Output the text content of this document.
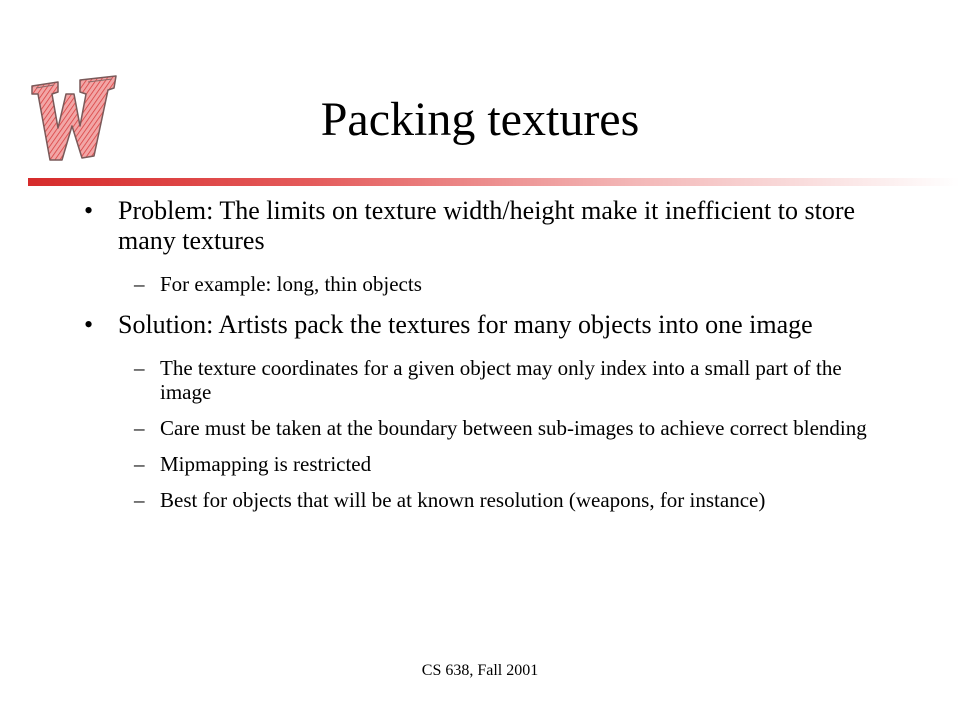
Packing textures
• Problem: The limits on texture width/height make it inefficient to store many textures
– For example: long, thin objects
• Solution: Artists pack the textures for many objects into one image
– The texture coordinates for a given object may only index into a small part of the image
– Care must be taken at the boundary between sub-images to achieve correct blending
– Mipmapping is restricted
– Best for objects that will be at known resolution (weapons, for instance)
CS 638, Fall 2001
